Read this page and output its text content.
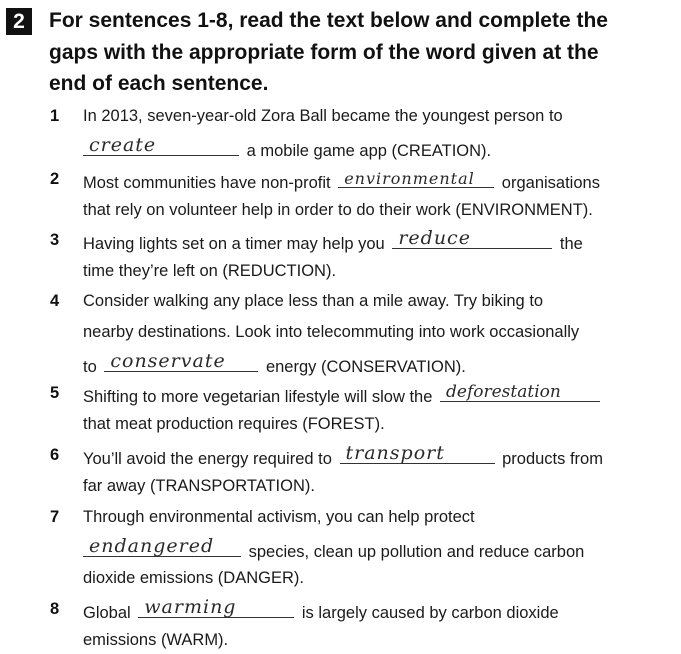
2	For sentences 1-8, read the text below and complete the
gaps with the appropriate form of the word given at the
end of each sentence.
1 In 2013, seven-year-old Zora Ball became the youngest person to
create	a mobile game app (CREATION).
2 Most communities have non-profit environmental organisations
that rely on volunteer help in order to do their work (ENVIRONMENT).
3 Having lights set on a timer may help you reduce	the
time they’re left on (REDUCTION).
4 Consider walking any place less than a mile away. Try biking to
nearby destinations. Look into telecommuting into work occasionally
to conservate energy (CONSERVATION).
5 Shifting to more vegetarian lifestyle will slow the deforestation
that meat production requires (FOREST).
6 You’ll avoid the energy required to transport	products from
far away (TRANSPORTATION).
7 Through environmental activism, you can help protect
endangered species, clean up pollution and reduce carbon
dioxide emissions (DANGER).
8 Global warming	is largely caused by carbon dioxide
emissions (WARM).
